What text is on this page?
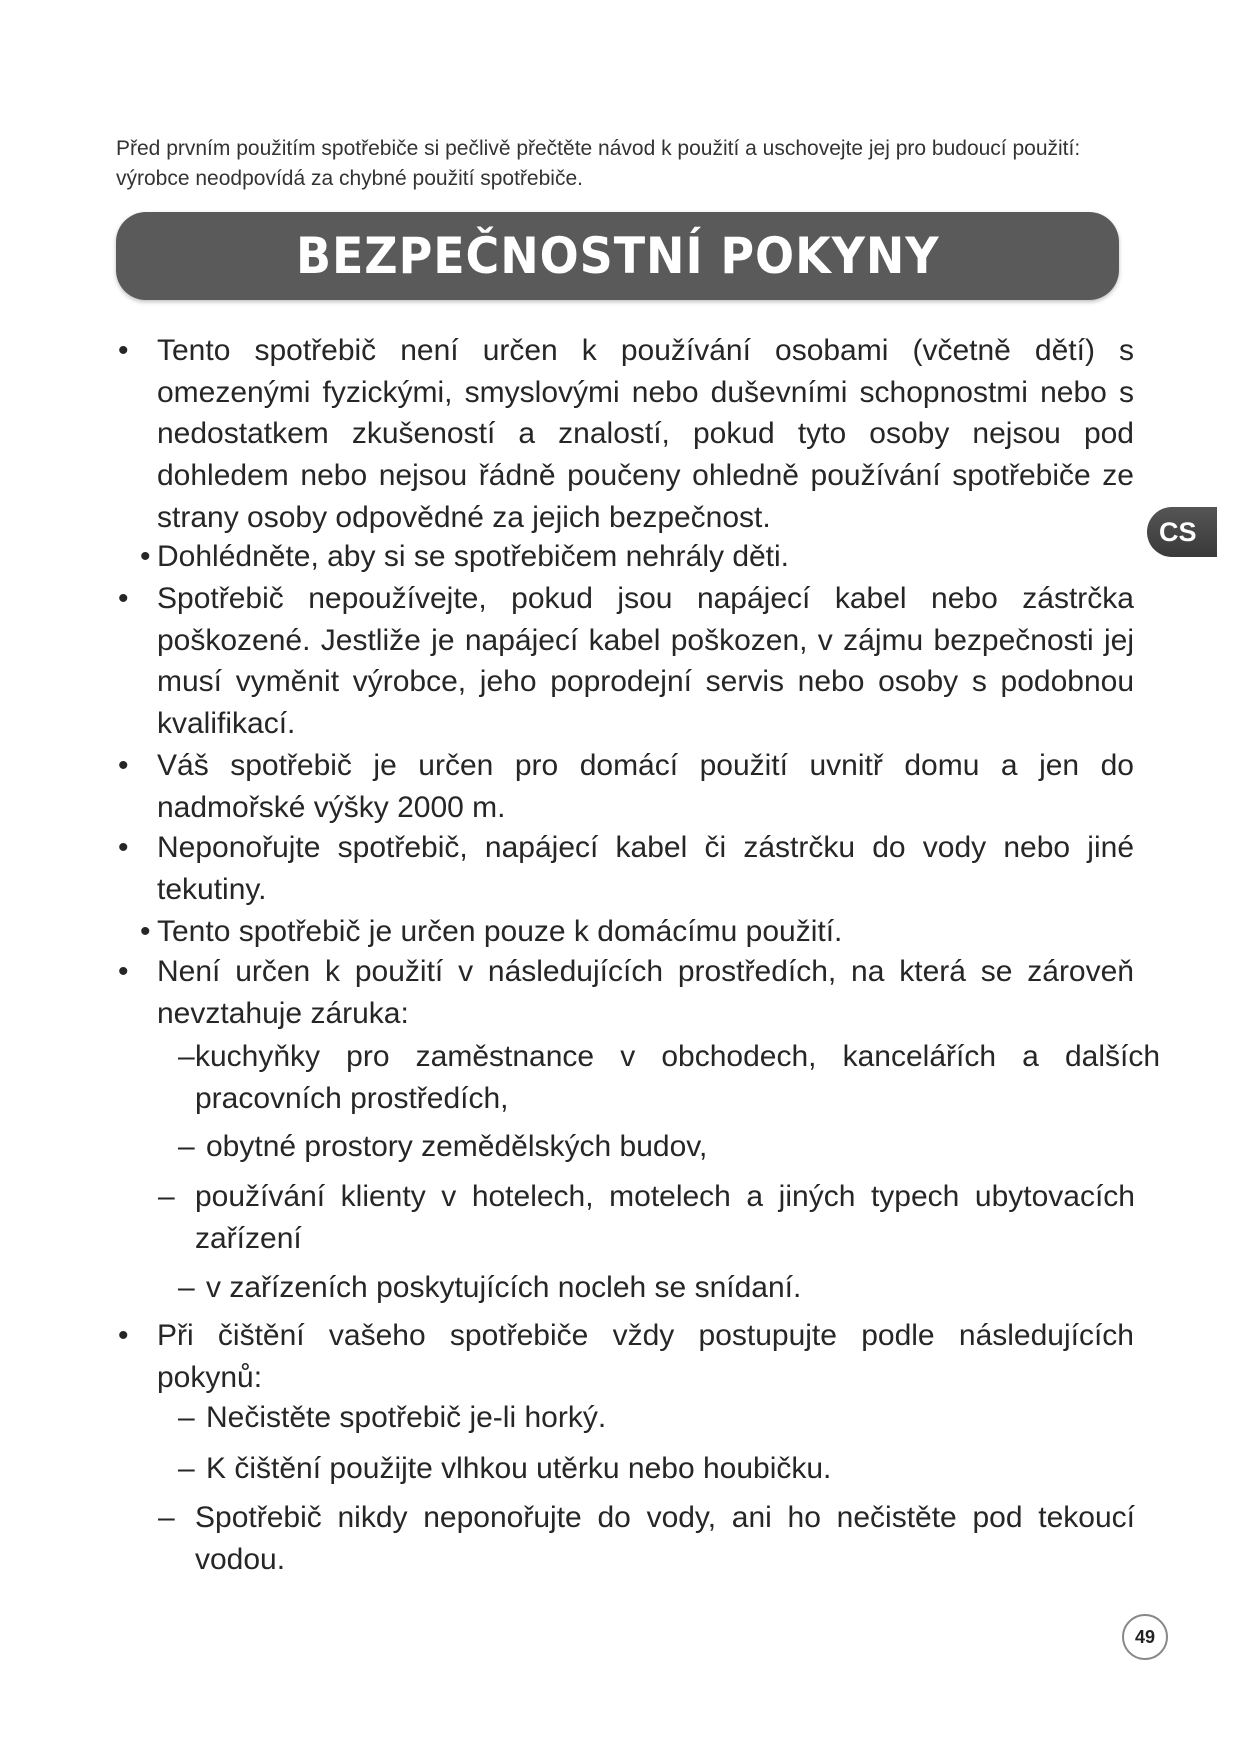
Před prvním použitím spotřebiče si pečlivě přečtěte návod k použití a uschovejte jej pro budoucí použití: výrobce neodpovídá za chybné použití spotřebiče.
BEZPEČNOSTNÍ POKYNY
• Tento spotřebič není určen k používání osobami (včetně dětí) s omezenými fyzickými, smyslovými nebo duševními schopnostmi nebo s nedostatkem zkušeností a znalostí, pokud tyto osoby nejsou pod dohledem nebo nejsou řádně poučeny ohledně používání spotřebiče ze strany osoby odpovědné za jejich bezpečnost.
• Dohlédněte, aby si se spotřebičem nehrály děti.
• Spotřebič nepoužívejte, pokud jsou napájecí kabel nebo zástrčka poškozené. Jestliže je napájecí kabel poškozen, v zájmu bezpečnosti jej musí vyměnit výrobce, jeho poprodejní servis nebo osoby s podobnou kvalifikací.
• Váš spotřebič je určen pro domácí použití uvnitř domu a jen do nadmořské výšky 2000 m.
• Neponořujte spotřebič, napájecí kabel či zástrčku do vody nebo jiné tekutiny.
• Tento spotřebič je určen pouze k domácímu použití.
• Není určen k použití v následujících prostředích, na která se zároveň nevztahuje záruka:
– kuchyňky pro zaměstnance v obchodech, kancelářích a dalších pracovních prostředích,
– obytné prostory zemědělských budov,
– používání klienty v hotelech, motelech a jiných typech ubytovacích zařízení
– v zařízeních poskytujících nocleh se snídaní.
• Při čištění vašeho spotřebiče vždy postupujte podle následujících pokynů:
– Nečistěte spotřebič je-li horký.
– K čištění použijte vlhkou utěrku nebo houbičku.
– Spotřebič nikdy neponořujte do vody, ani ho nečistěte pod tekoucí vodou.
CS
49
